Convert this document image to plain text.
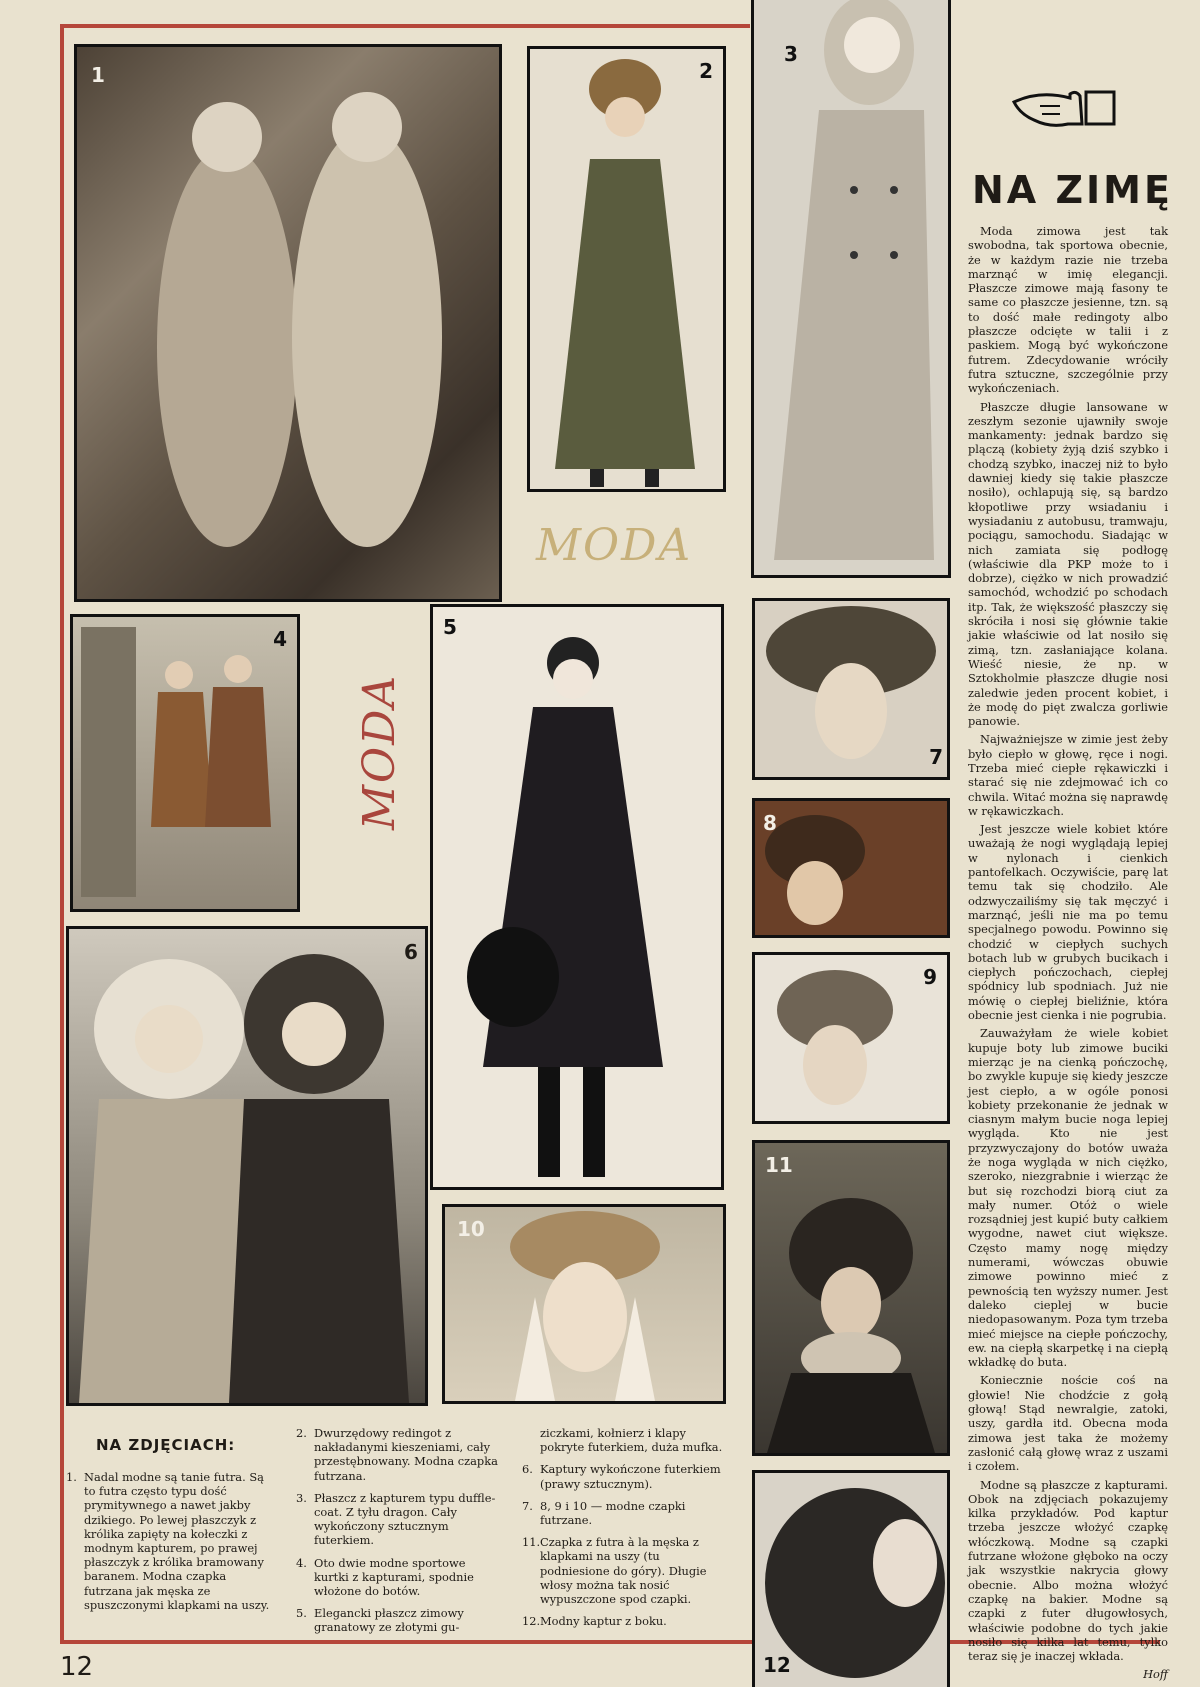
1	2
3
NA ZIMĘ
MODA
MODA
4	5
6
10
7
8
9
11
12

Moda zimowa jest tak swobodna, tak sportowa obecnie, że w każdym razie nie trzeba marznąć w imię elegancji. Płaszcze zimowe mają fasony te same co płaszcze jesienne, tzn. są to dość małe redingoty albo płaszcze odcięte w talii i z paskiem. Mogą być wykończone futrem. Zdecydowanie wróciły futra sztuczne, szczególnie przy wykończeniach.

Płaszcze długie lansowane w zeszłym sezonie ujawniły swoje mankamenty: jednak bardzo się plączą (kobiety żyją dziś szybko i chodzą szybko, inaczej niż to było dawniej kiedy się takie płaszcze nosiło), ochlapują się, są bardzo kłopotliwe przy wsiadaniu i wysiadaniu z autobusu, tramwaju, pociągu, samochodu. Siadając w nich zamiata się podłogę (właściwie dla PKP może to i dobrze), ciężko w nich prowadzić samochód, wchodzić po schodach itp. Tak, że większość płaszczy się skróciła i nosi się głównie takie jakie właściwie od lat nosiło się zimą, tzn. zasłaniające kolana. Wieść niesie, że np. w Sztokholmie płaszcze długie nosi zaledwie jeden procent kobiet, i że modę do pięt zwalcza gorliwie panowie.

Najważniejsze w zimie jest żeby było ciepło w głowę, ręce i nogi. Trzeba mieć ciepłe rękawiczki i starać się nie zdejmować ich co chwila. Witać można się naprawdę w rękawiczkach.

Jest jeszcze wiele kobiet które uważają że nogi wyglądają lepiej w nylonach i cienkich pantofelkach. Oczywiście, parę lat temu tak się chodziło. Ale odzwyczailiśmy się tak męczyć i marznąć, jeśli nie ma po temu specjalnego powodu. Powinno się chodzić w ciepłych suchych botach lub w grubych bucikach i ciepłych pończochach, ciepłej spódnicy lub spodniach. Już nie mówię o ciepłej bieliźnie, która obecnie jest cienka i nie pogrubia.

Zauważyłam że wiele kobiet kupuje boty lub zimowe buciki mierząc je na cienką pończochę, bo zwykle kupuje się kiedy jeszcze jest ciepło, a w ogóle ponosi kobiety przekonanie że jednak w ciasnym małym bucie noga lepiej wygląda. Kto nie jest przyzwyczajony do botów uważa że noga wygląda w nich ciężko, szeroko, niezgrabnie i wierząc że but się rozchodzi biorą ciut za mały numer. Otóż o wiele rozsądniej jest kupić buty całkiem wygodne, nawet ciut większe. Często mamy nogę między numerami, wówczas obuwie zimowe powinno mieć z pewnością ten wyższy numer. Jest daleko cieplej w bucie niedopasowanym. Poza tym trzeba mieć miejsce na ciepłe pończochy, ew. na ciepłą skarpetkę i na ciepłą wkładkę do buta.

Koniecznie noście coś na głowie! Nie chodźcie z gołą głową! Stąd newralgie, zatoki, uszy, gardła itd. Obecna moda zimowa jest taka że możemy zasłonić całą głowę wraz z uszami i czołem.

Modne są płaszcze z kapturami. Obok na zdjęciach pokazujemy kilka przykładów. Pod kaptur trzeba jeszcze włożyć czapkę włóczkową. Modne są czapki futrzane włożone głęboko na oczy jak wszystkie nakrycia głowy obecnie. Albo można włożyć czapkę na bakier. Modne są czapki z futer długowłosych, właściwie podobne do tych jakie nosiło się kilka lat temu, tylko teraz się je inaczej wkłada.

Hoff
NA ZDJĘCIACH:
1. Nadal modne są tanie futra. Są to futra często typu dość prymitywnego a nawet jakby dzikiego. Po lewej płaszczyk z królika zapięty na kołeczki z modnym kapturem, po prawej płaszczyk z królika bramowany baranem. Modna czapka futrzana jak męska ze spuszczonymi klapkami na uszy.
2. Dwurzędowy redingot z nakładanymi kieszeniami, cały przestębnowany. Modna czapka futrzana.
3. Płaszcz z kapturem typu duffle-coat. Z tyłu dragon. Cały wykończony sztucznym futerkiem.
4. Oto dwie modne sportowe kurtki z kapturami, spodnie włożone do botów.
5. Elegancki płaszcz zimowy granatowy ze złotymi gu-
ziczkami, kołnierz i klapy pokryte futerkiem, duża mufka.
6. Kaptury wykończone futerkiem (prawy sztucznym).
7. 8, 9 i 10 — modne czapki futrzane.
11. Czapka z futra à la męska z klapkami na uszy (tu podniesione do góry). Długie włosy można tak nosić wypuszczone spod czapki.
12. Modny kaptur z boku.
12
